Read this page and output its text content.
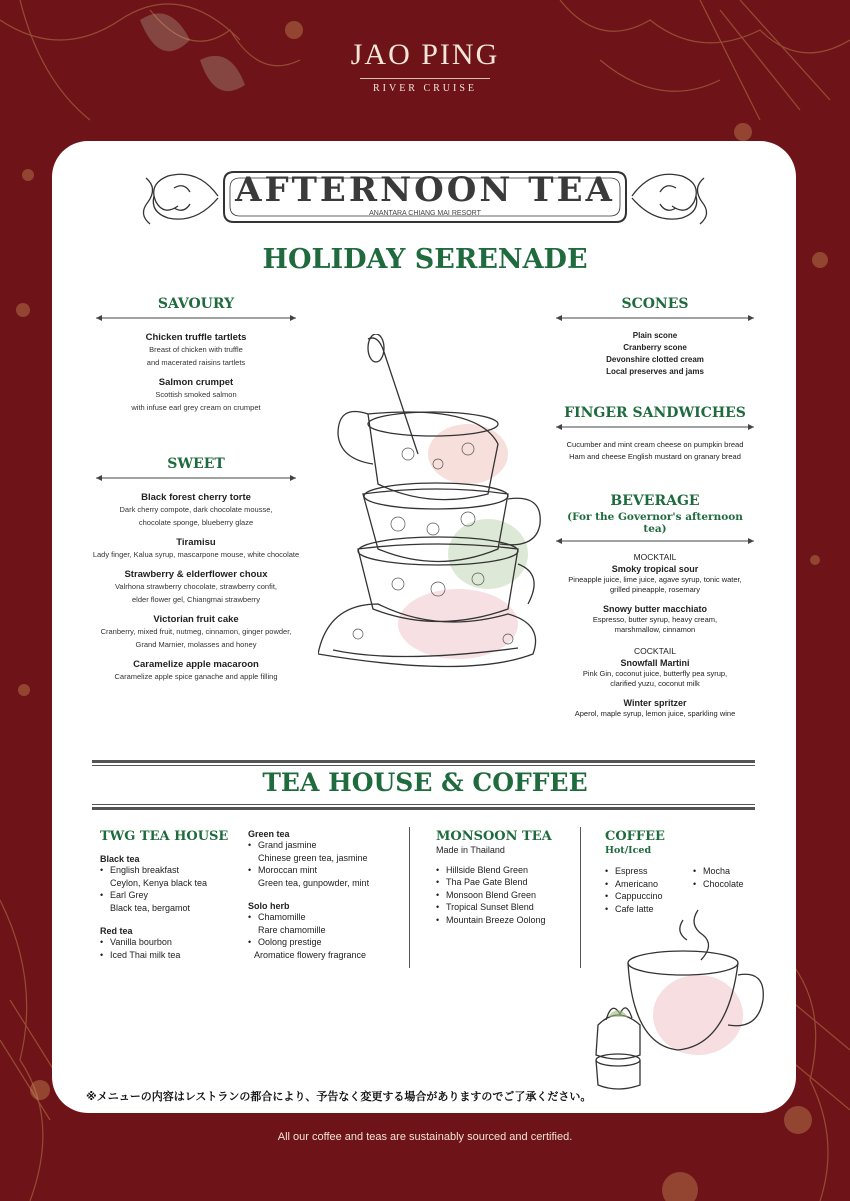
JAO PING
RIVER CRUISE
AFTERNOON TEA
ANANTARA CHIANG MAI RESORT
HOLIDAY SERENADE
SAVOURY
Chicken truffle tartlets
Breast of chicken with truffle
and macerated raisins tartlets
Salmon crumpet
Scottish smoked salmon
with infuse earl grey cream on crumpet
SWEET
Black forest cherry torte
Dark cherry compote, dark chocolate mousse,
chocolate sponge, blueberry glaze
Tiramisu
Lady finger, Kalua syrup, mascarpone mouse, white chocolate
Strawberry & elderflower choux
Valrhona strawberry chocolate, strawberry confit,
elder flower gel, Chiangmai strawberry
Victorian fruit cake
Cranberry, mixed fruit, nutmeg, cinnamon, ginger powder,
Grand Marnier, molasses and honey
Caramelize apple macaroon
Caramelize apple spice ganache and apple filling
SCONES
Plain scone
Cranberry scone
Devonshire clotted cream
Local preserves and jams
FINGER SANDWICHES
Cucumber and mint cream cheese on pumpkin bread
Ham and cheese English mustard on granary bread
BEVERAGE
(For the Governor's afternoon tea)
MOCKTAIL
Smoky tropical sour
Pineapple juice, lime juice, agave syrup, tonic water,
grilled pineapple, rosemary
Snowy butter macchiato
Espresso, butter syrup, heavy cream,
marshmallow, cinnamon
COCKTAIL
Snowfall Martini
Pink Gin, coconut juice, butterfly pea syrup,
clarified yuzu, coconut milk
Winter spritzer
Aperol, maple syrup, lemon juice, sparkling wine
TEA HOUSE & COFFEE
TWG TEA HOUSE
Black tea
• English breakfast
Ceylon, Kenya black tea
• Earl Grey
Black tea, bergamot
Red tea
• Vanilla bourbon
• Iced Thai milk tea
Green tea
• Grand jasmine
Chinese green tea, jasmine
• Moroccan mint
Green tea, gunpowder, mint
Solo herb
• Chamomille
Rare chamomille
• Oolong prestige
Aromatice flowery fragrance
MONSOON TEA
Made in Thailand
• Hillside Blend Green
• Tha Pae Gate Blend
• Monsoon Blend Green
• Tropical Sunset Blend
• Mountain Breeze Oolong
COFFEE
Hot/Iced
• Espress
• Americano
• Cappuccino
• Cafe latte
• Mocha
• Chocolate
※メニューの内容はレストランの都合により、予告なく変更する場合がありますのでご了承ください。
All our coffee and teas are sustainably sourced and certified.
